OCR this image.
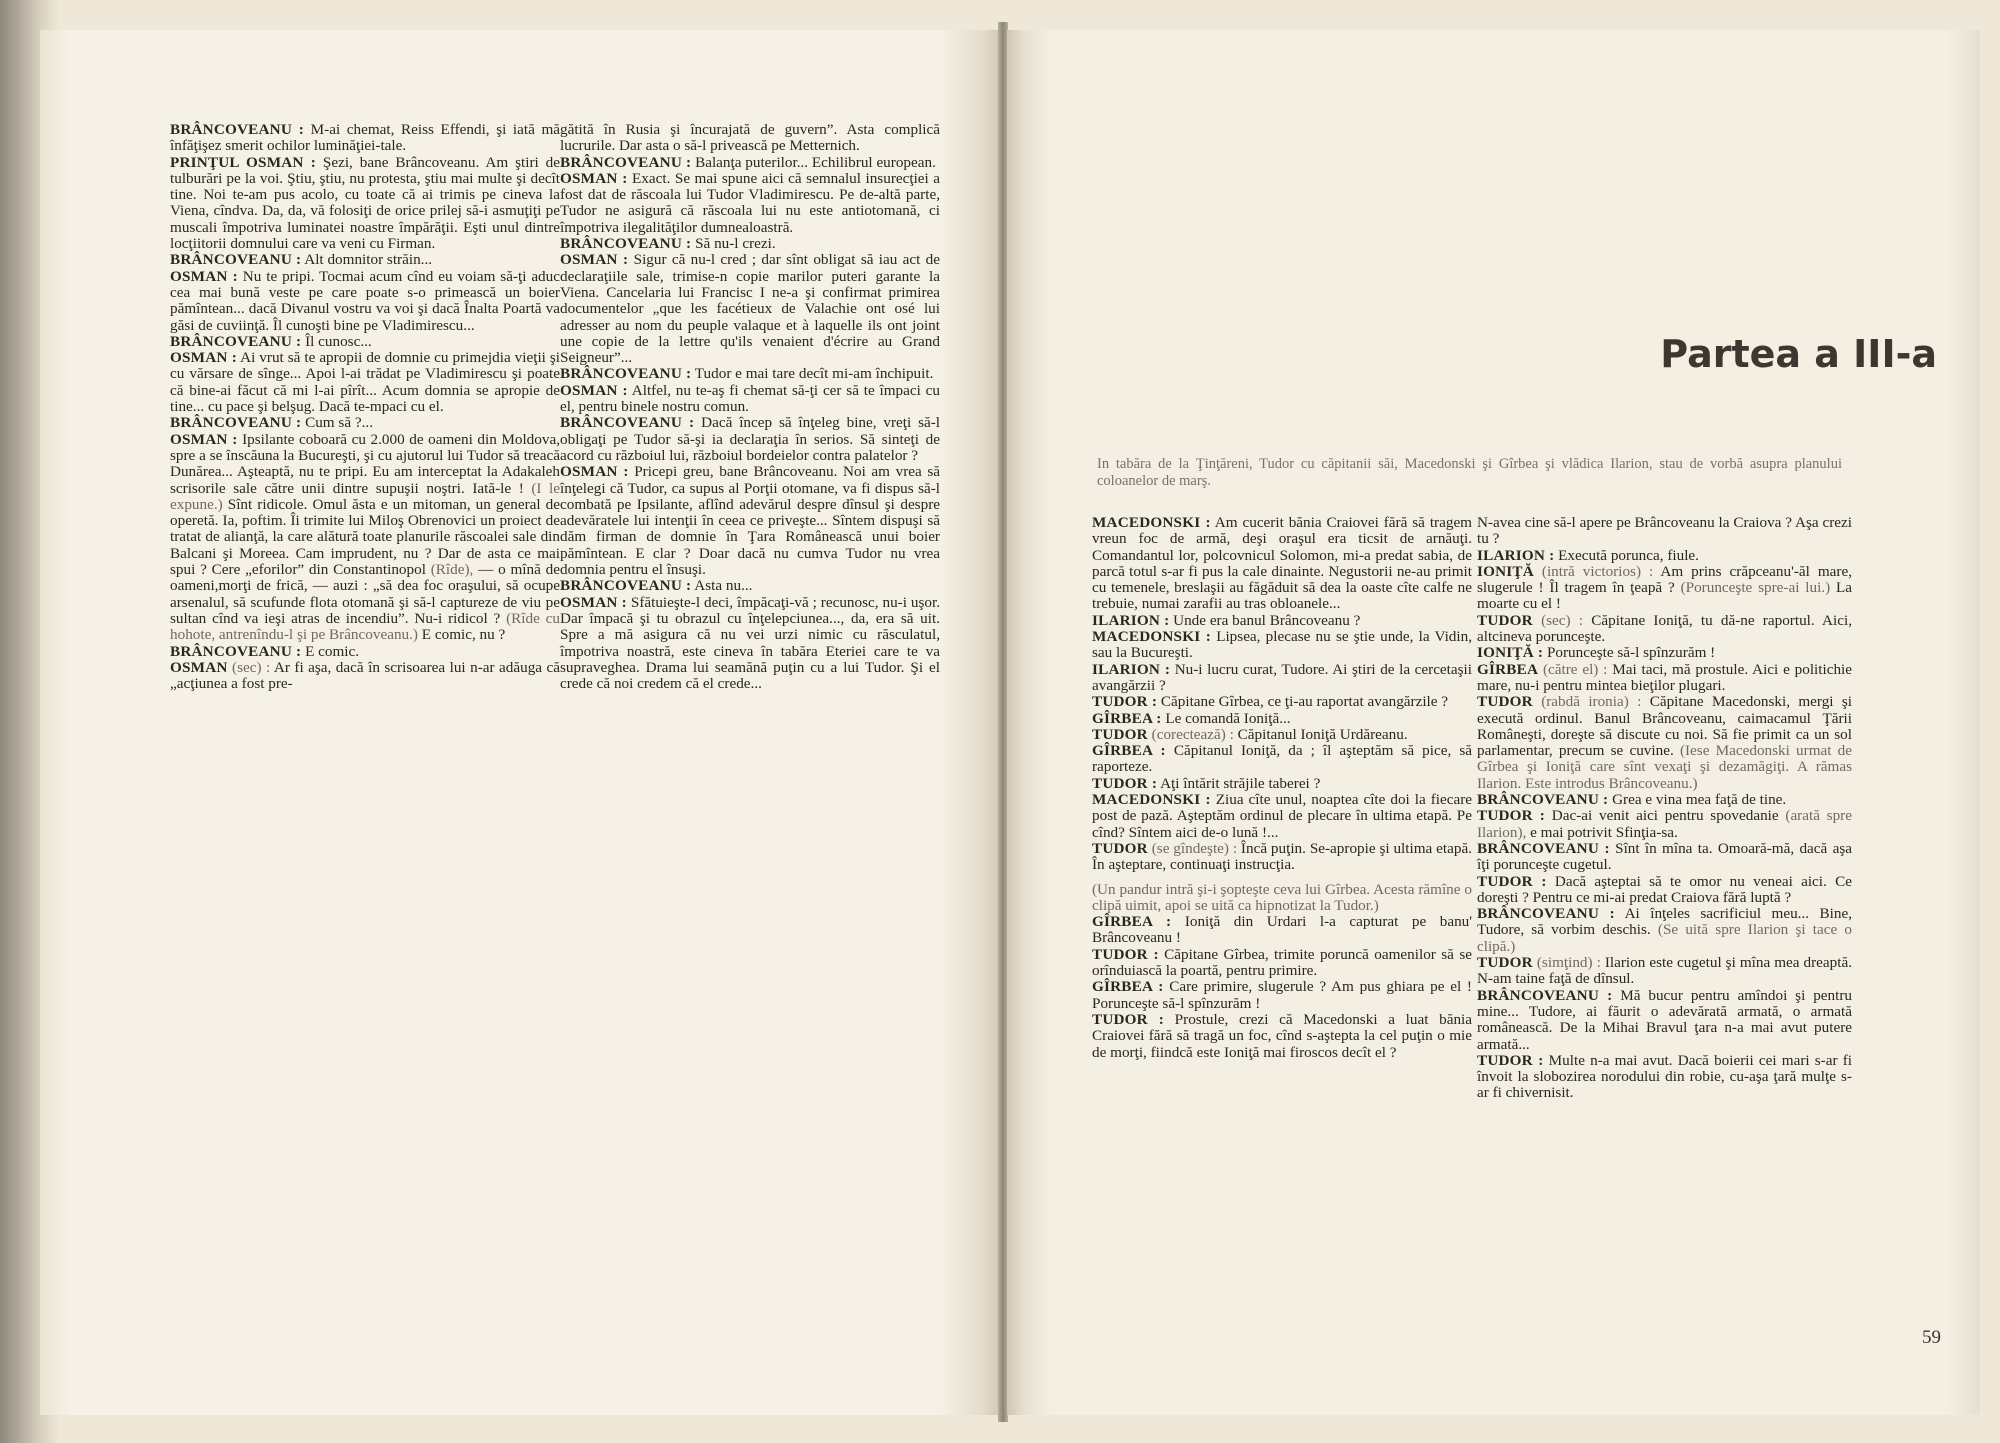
BRÂNCOVEANU : M-ai chemat, Reiss Effendi, şi iată mă înfăţişez smerit ochilor luminăţiei-tale.

PRINŢUL OSMAN : Şezi, bane Brâncoveanu. Am ştiri de tulburări pe la voi. Ştiu, ştiu, nu protesta, ştiu mai multe şi decît tine. Noi te-am pus acolo, cu toate că ai trimis pe cineva la Viena, cîndva. Da, da, vă folosiţi de orice prilej să-i asmuţiţi pe muscali împotriva luminatei noastre împărăţii. Eşti unul dintre locţiitorii domnului care va veni cu Firman.

BRÂNCOVEANU : Alt domnitor străin...

OSMAN : Nu te pripi. Tocmai acum cînd eu voiam să-ţi aduc cea mai bună veste pe care poate s-o primească un boier pămîntean... dacă Divanul vostru va voi şi dacă Înalta Poartă va găsi de cuviinţă. Îl cunoşti bine pe Vladimirescu...

BRÂNCOVEANU : Îl cunosc...

OSMAN : Ai vrut să te apropii de domnie cu primejdia vieţii şi cu vărsare de sînge... Apoi l-ai trădat pe Vladimirescu şi poate că bine-ai făcut că mi l-ai pîrît... Acum domnia se apropie de tine... cu pace şi belşug. Dacă te-mpaci cu el.

BRÂNCOVEANU : Cum să ?...

OSMAN : Ipsilante coboară cu 2.000 de oameni din Moldova, spre a se înscăuna la Bucureşti, şi cu ajutorul lui Tudor să treacă Dunărea... Aşteaptă, nu te pripi. Eu am interceptat la Adakaleh scrisorile sale către unii dintre supuşii noştri. Iată-le ! (I le expune.) Sînt ridicole. Omul ăsta e un mitoman, un general de operetă. Ia, poftim. Îi trimite lui Miloş Obrenovici un proiect de tratat de alianţă, la care alătură toate planurile răscoalei sale din Balcani şi Moreea. Cam imprudent, nu ? Dar de asta ce mai spui ? Cere „eforilor” din Constantinopol (Rîde), — o mînă de oameni,morţi de frică, — auzi : „să dea foc oraşului, să ocupe arsenalul, să scufunde flota otomană şi să-l captureze de viu pe sultan cînd va ieşi atras de incendiu”. Nu-i ridicol ? (Rîde cu hohote, antrenîndu-l şi pe Brâncoveanu.) E comic, nu ?

BRÂNCOVEANU : E comic.

OSMAN (sec) : Ar fi aşa, dacă în scrisoarea lui n-ar adăuga că „acţiunea a fost pre-

gătită în Rusia şi încurajată de guvern”. Asta complică lucrurile. Dar asta o să-l privească pe Metternich.

BRÂNCOVEANU : Balanţa puterilor... Echilibrul european.

OSMAN : Exact. Se mai spune aici că semnalul insurecţiei a fost dat de răscoala lui Tudor Vladimirescu. Pe de-altă parte, Tudor ne asigură că răscoala lui nu este antiotomană, ci împotriva ilegalităţilor dumnealoastră.

BRÂNCOVEANU : Să nu-l crezi.

OSMAN : Sigur că nu-l cred ; dar sînt obligat să iau act de declaraţiile sale, trimise-n copie marilor puteri garante la Viena. Cancelaria lui Francisc I ne-a şi confirmat primirea documentelor „que les facétieux de Valachie ont osé lui adresser au nom du peuple valaque et à laquelle ils ont joint une copie de la lettre qu'ils venaient d'écrire au Grand Seigneur”...

BRÂNCOVEANU : Tudor e mai tare decît mi-am închipuit.

OSMAN : Altfel, nu te-aş fi chemat să-ţi cer să te împaci cu el, pentru binele nostru comun.

BRÂNCOVEANU : Dacă încep să înţeleg bine, vreţi să-l obligaţi pe Tudor să-şi ia declaraţia în serios. Să sinteţi de acord cu războiul lui, războiul bordeielor contra palatelor ?

OSMAN : Pricepi greu, bane Brâncoveanu. Noi am vrea să înţelegi că Tudor, ca supus al Porţii otomane, va fi dispus să-l combată pe Ipsilante, aflînd adevărul despre dînsul şi despre adevăratele lui intenţii în ceea ce priveşte... Sîntem dispuşi să dăm firman de domnie în Ţara Românească unui boier pămîntean. E clar ? Doar dacă nu cumva Tudor nu vrea domnia pentru el însuşi.

BRÂNCOVEANU : Asta nu...

OSMAN : Sfătuieşte-l deci, împăcaţi-vă ; recunosc, nu-i uşor. Dar împacă şi tu obrazul cu înţelepciunea..., da, era să uit. Spre a mă asigura că nu vei urzi nimic cu răsculatul, împotriva noastră, este cineva în tabăra Eteriei care te va supraveghea. Drama lui seamănă puţin cu a lui Tudor. Şi el crede că noi credem că el crede...

Partea a III-a

In tabăra de la Ţinţăreni, Tudor cu căpitanii săi, Macedonski şi Gîrbea şi vlădica Ilarion, stau de vorbă asupra planului coloanelor de marş.

MACEDONSKI : Am cucerit bănia Craiovei fără să tragem vreun foc de armă, deşi oraşul era ticsit de arnăuţi. Comandantul lor, polcovnicul Solomon, mi-a predat sabia, de parcă totul s-ar fi pus la cale dinainte. Negustorii ne-au primit cu temenele, breslaşii au făgăduit să dea la oaste cîte calfe ne trebuie, numai zarafii au tras obloanele...

ILARION : Unde era banul Brâncoveanu ?

MACEDONSKI : Lipsea, plecase nu se ştie unde, la Vidin, sau la Bucureşti.

ILARION : Nu-i lucru curat, Tudore. Ai ştiri de la cercetaşii avangărzii ?

TUDOR : Căpitane Gîrbea, ce ţi-au raportat avangărzile ?

GÎRBEA : Le comandă Ioniţă...

TUDOR (corectează) : Căpitanul Ioniţă Urdăreanu.

GÎRBEA : Căpitanul Ioniţă, da ; îl aşteptăm să pice, să raporteze.

TUDOR : Aţi întărit străjile taberei ?

MACEDONSKI : Ziua cîte unul, noaptea cîte doi la fiecare post de pază. Aşteptăm ordinul de plecare în ultima etapă. Pe cînd? Sîntem aici de-o lună !...

TUDOR (se gîndeşte) : Încă puţin. Se-apropie şi ultima etapă. În aşteptare, continuaţi instrucţia.

(Un pandur intră şi-i şopteşte ceva lui Gîrbea. Acesta rămîne o clipă uimit, apoi se uită ca hipnotizat la Tudor.)

GÎRBEA : Ioniţă din Urdari l-a capturat pe banu' Brâncoveanu !

TUDOR : Căpitane Gîrbea, trimite poruncă oamenilor să se orînduiască la poartă, pentru primire.

GÎRBEA : Care primire, slugerule ? Am pus ghiara pe el ! Porunceşte să-l spînzurăm !

TUDOR : Prostule, crezi că Macedonski a luat bănia Craiovei fără să tragă un foc, cînd s-aştepta la cel puţin o mie de morţi, fiindcă este Ioniţă mai firoscos decît el ?

N-avea cine să-l apere pe Brâncoveanu la Craiova ? Aşa crezi tu ?

ILARION : Execută porunca, fiule.

IONIŢĂ (intră victorios) : Am prins crăpceanu'-ăl mare, slugerule ! Îl tragem în ţeapă ? (Porunceşte spre-ai lui.) La moarte cu el !

TUDOR (sec) : Căpitane Ioniţă, tu dă-ne raportul. Aici, altcineva porunceşte.

IONIŢĂ : Porunceşte să-l spînzurăm !

GÎRBEA (către el) : Mai taci, mă prostule. Aici e politichie mare, nu-i pentru mintea bieţilor plugari.

TUDOR (rabdă ironia) : Căpitane Macedonski, mergi şi execută ordinul. Banul Brâncoveanu, caimacamul Ţării Româneşti, doreşte să discute cu noi. Să fie primit ca un sol parlamentar, precum se cuvine. (Iese Macedonski urmat de Gîrbea şi Ioniţă care sînt vexaţi şi dezamăgiţi. A rămas Ilarion. Este introdus Brâncoveanu.)

BRÂNCOVEANU : Grea e vina mea faţă de tine.

TUDOR : Dac-ai venit aici pentru spovedanie (arată spre Ilarion), e mai potrivit Sfinţia-sa.

BRÂNCOVEANU : Sînt în mîna ta. Omoară-mă, dacă aşa îţi porunceşte cugetul.

TUDOR : Dacă aşteptai să te omor nu veneai aici. Ce doreşti ? Pentru ce mi-ai predat Craiova fără luptă ?

BRÂNCOVEANU : Ai înţeles sacrificiul meu... Bine, Tudore, să vorbim deschis. (Se uită spre Ilarion şi tace o clipă.)

TUDOR (simţind) : Ilarion este cugetul şi mîna mea dreaptă. N-am taine faţă de dînsul.

BRÂNCOVEANU : Mă bucur pentru amîndoi şi pentru mine... Tudore, ai făurit o adevărată armată, o armată românească. De la Mihai Bravul ţara n-a mai avut putere armată...

TUDOR : Multe n-a mai avut. Dacă boierii cei mari s-ar fi învoit la slobozirea norodului din robie, cu-aşa ţară mulţe s-ar fi chivernisit.

59
